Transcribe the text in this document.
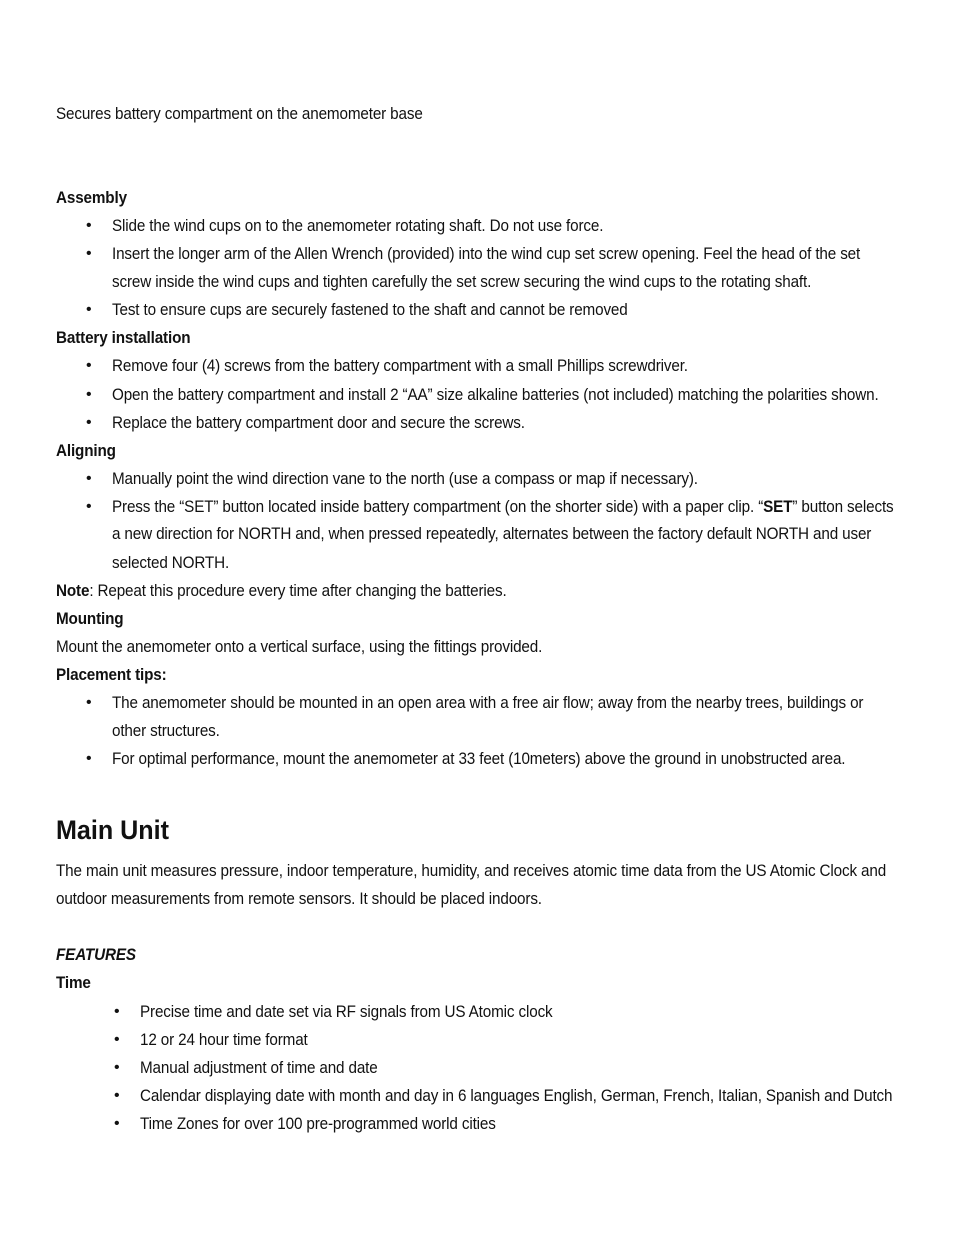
Secures battery compartment on the anemometer base
Assembly
• Slide the wind cups on to the anemometer rotating shaft. Do not use force.
• Insert the longer arm of the Allen Wrench (provided) into the wind cup set screw opening. Feel the head of the set
screw inside the wind cups and tighten carefully the set screw securing the wind cups to the rotating shaft.
• Test to ensure cups are securely fastened to the shaft and cannot be removed
Battery installation
• Remove four (4) screws from the battery compartment with a small Phillips screwdriver.
• Open the battery compartment and install 2 “AA” size alkaline batteries (not included) matching the polarities shown.
• Replace the battery compartment door and secure the screws.
Aligning
• Manually point the wind direction vane to the north (use a compass or map if necessary).
• Press the “SET” button located inside battery compartment (on the shorter side) with a paper clip. “SET” button selects
a new direction for NORTH and, when pressed repeatedly, alternates between the factory default NORTH and user
selected NORTH.
Note: Repeat this procedure every time after changing the batteries.
Mounting
Mount the anemometer onto a vertical surface, using the fittings provided.
Placement tips:
• The anemometer should be mounted in an open area with a free air flow; away from the nearby trees, buildings or
other structures.
• For optimal performance, mount the anemometer at 33 feet (10meters) above the ground in unobstructed area.
Main Unit
The main unit measures pressure, indoor temperature, humidity, and receives atomic time data from the US Atomic Clock and
outdoor measurements from remote sensors. It should be placed indoors.
FEATURES
Time
• Precise time and date set via RF signals from US Atomic clock
• 12 or 24 hour time format
• Manual adjustment of time and date
• Calendar displaying date with month and day in 6 languages English, German, French, Italian, Spanish and Dutch
• Time Zones for over 100 pre-programmed world cities
